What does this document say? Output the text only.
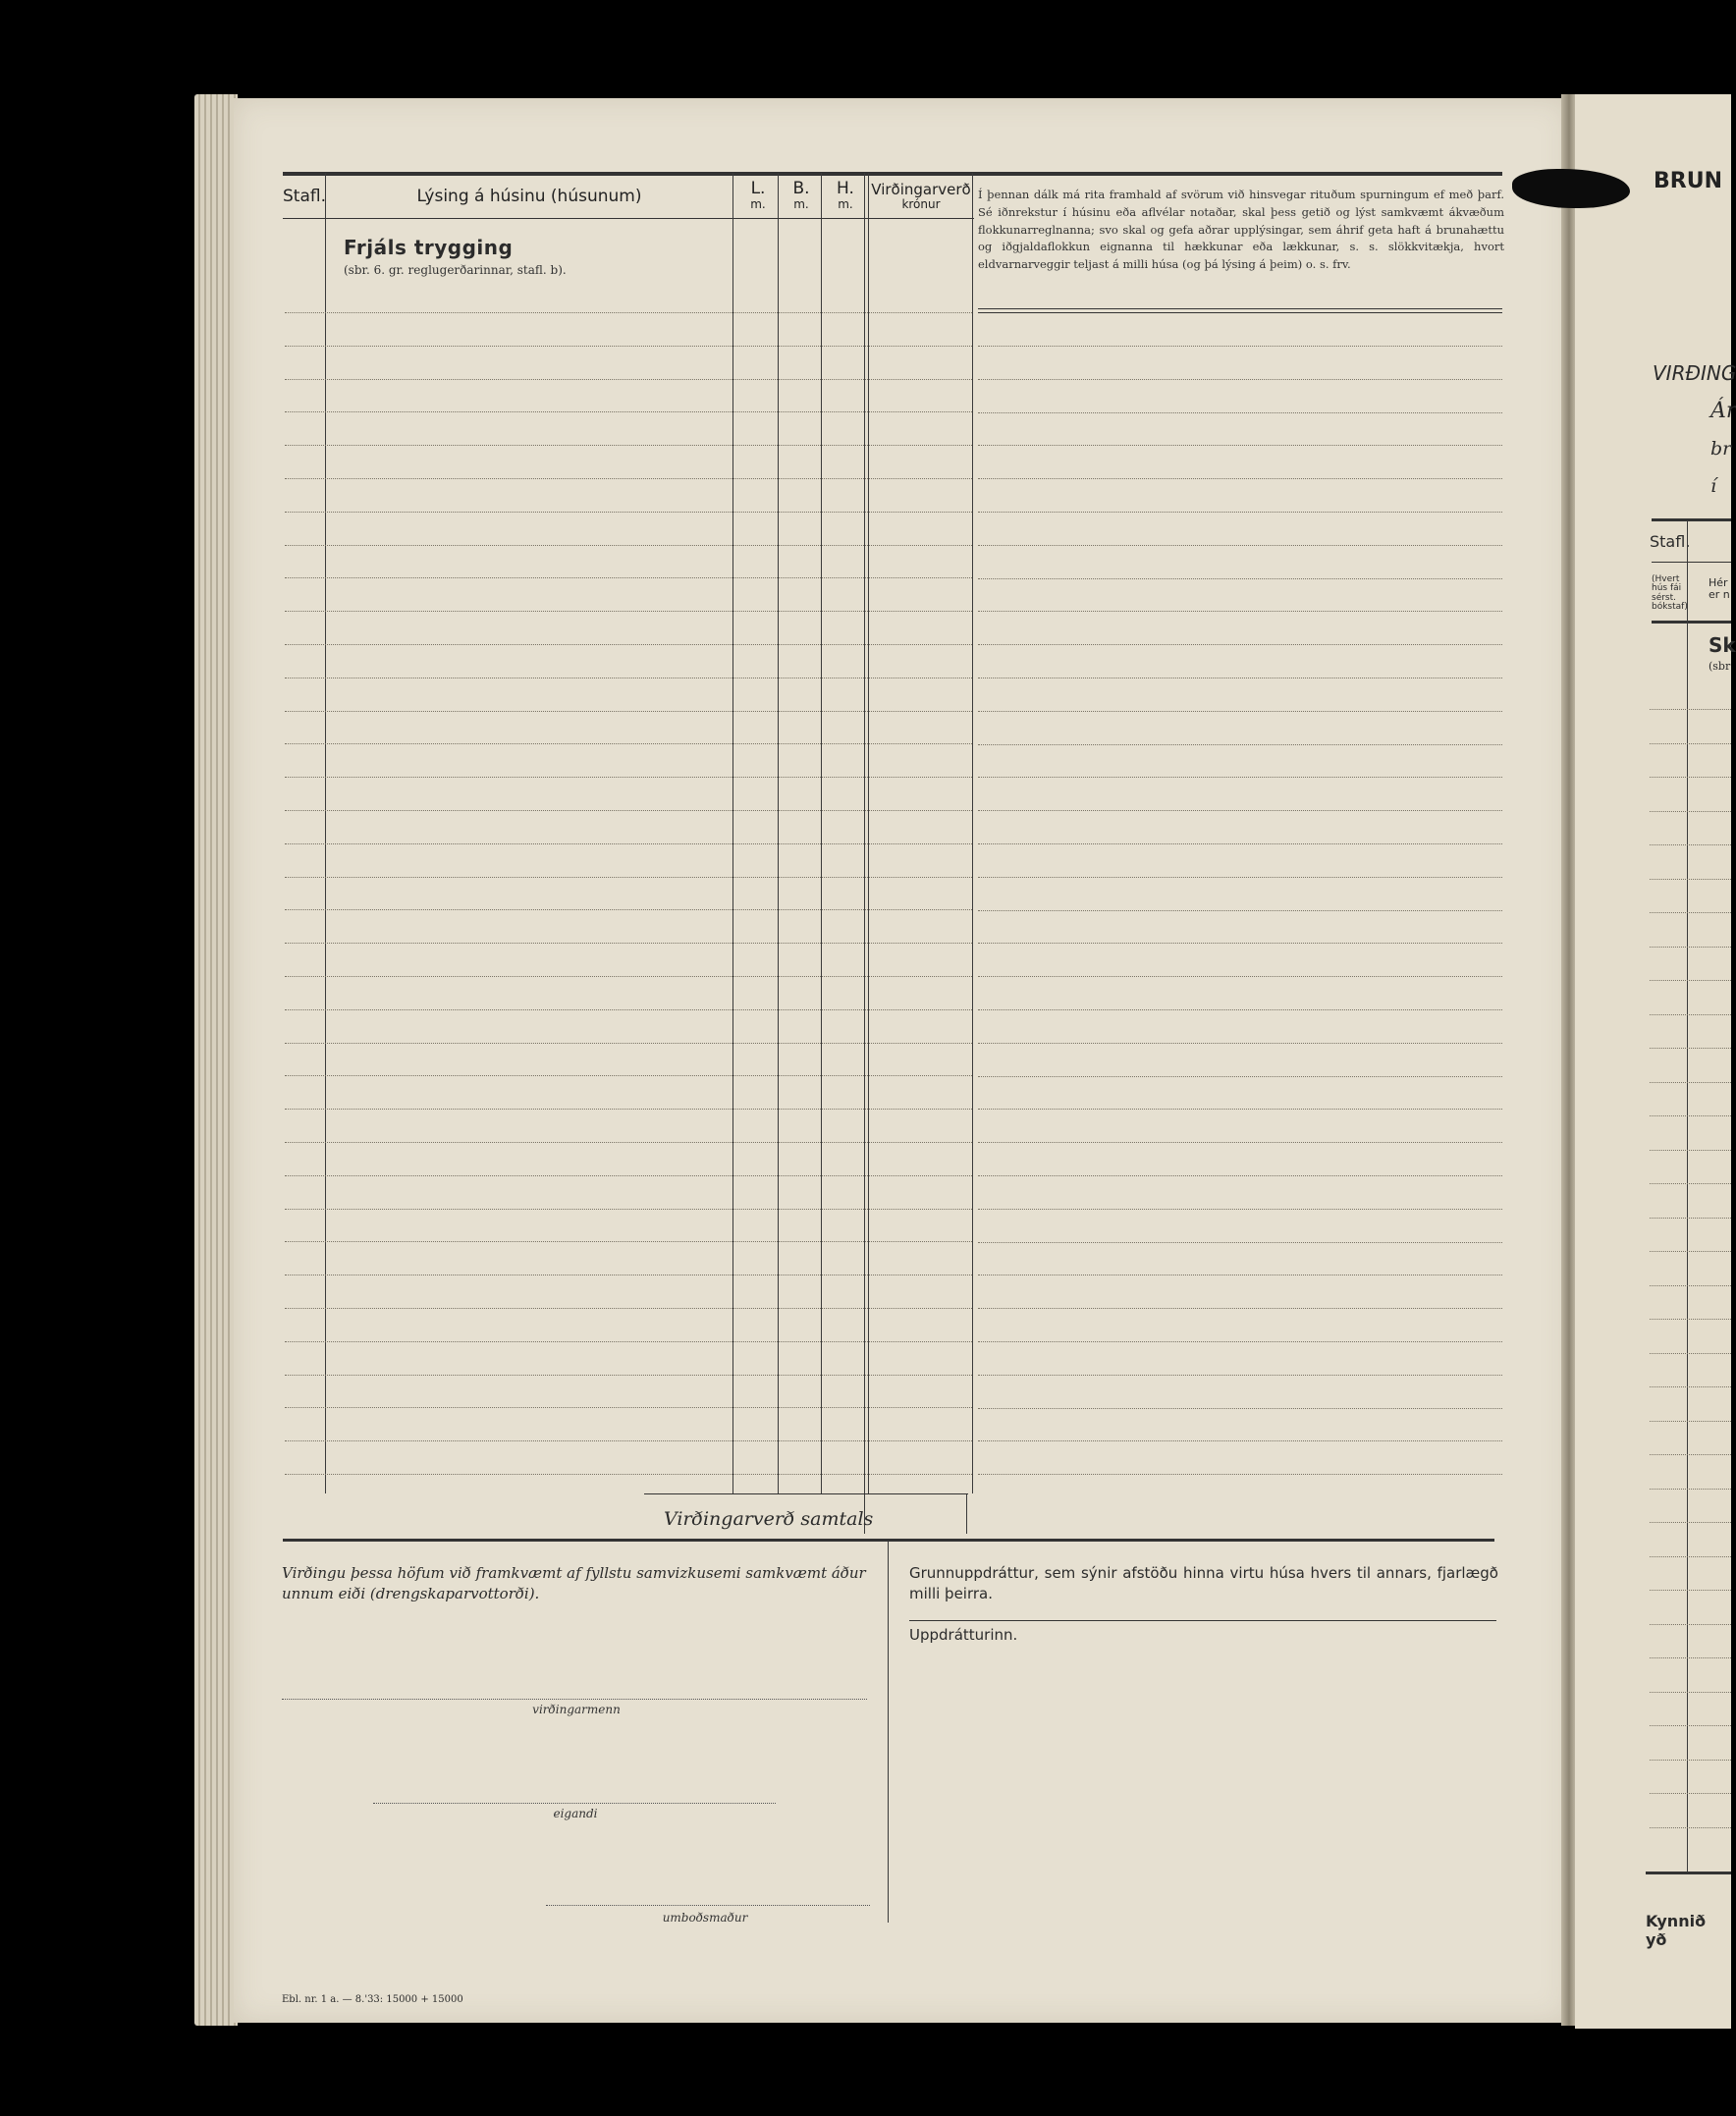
Stafl.	Lýsing á húsinu (húsunum)	L.
m.
B.
m.
H.
m.
Virðingarverð
krónur
Í þennan dálk má rita framhald af svörum við hinsvegar rituðum spurningum ef með þarf. Sé iðnrekstur í húsinu eða aflvélar notaðar, skal þess getið og lýst samkvæmt ákvæðum flokkunarreglnanna; svo skal og gefa aðrar upplýsingar, sem áhrif geta haft á brunahættu og iðgjaldaflokkun eignanna til hækkunar eða lækkunar, s. s. slökkvitækja, hvort eldvarnarveggir teljast á milli húsa (og þá lýsing á þeim) o. s. frv.
Frjáls trygging
(sbr. 6. gr. reglugerðarinnar, stafl. b).
Virðingarverð samtals
Virðingu þessa höfum við framkvæmt af fyllstu samvizkusemi samkvæmt áður unnum eiði (drengskaparvottorði).
virðingarmenn
eigandi
umboðsmaður
Grunnuppdráttur, sem sýnir afstöðu hinna virtu húsa hvers til annars, fjarlægð milli þeirra.
Uppdrátturinn.
Ebl. nr. 1 a. — 8.'33: 15000 + 15000
BRUN
VIRÐING
Ár
br
í
Stafl.
(Hvert
hús fái
sérst.
bókstaf)
Hér
er n
Sk
(sbr
Kynnið yð
